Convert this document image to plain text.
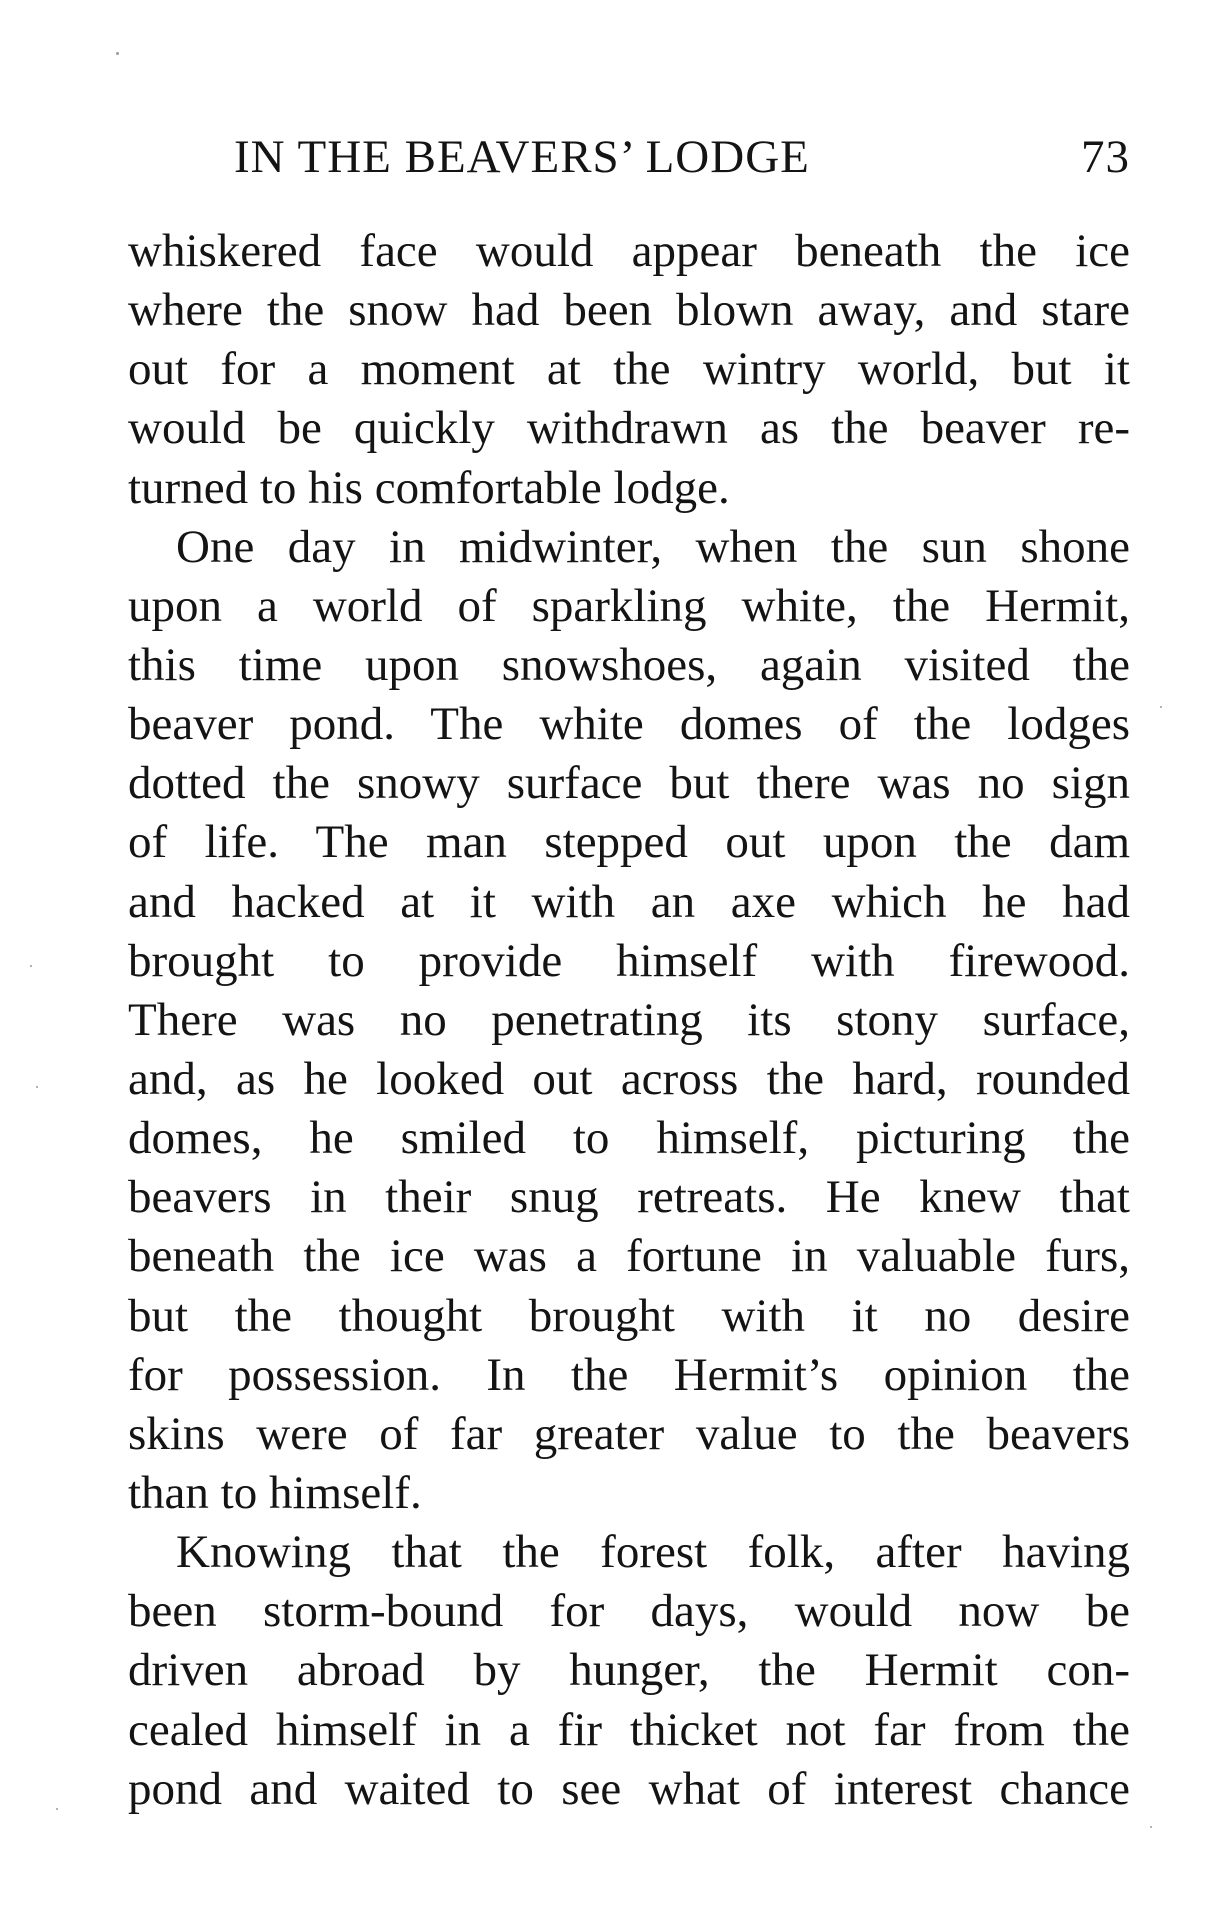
IN THE BEAVERS’ LODGE	73
whiskered face would appear beneath the ice
where the snow had been blown away, and stare
out for a moment at the wintry world, but it
would be quickly withdrawn as the beaver re-
turned to his comfortable lodge.
One day in midwinter, when the sun shone
upon a world of sparkling white, the Hermit,
this time upon snowshoes, again visited the
beaver pond. The white domes of the lodges
dotted the snowy surface but there was no sign
of life. The man stepped out upon the dam
and hacked at it with an axe which he had
brought to provide himself with firewood.
There was no penetrating its stony surface,
and, as he looked out across the hard, rounded
domes, he smiled to himself, picturing the
beavers in their snug retreats. He knew that
beneath the ice was a fortune in valuable furs,
but the thought brought with it no desire
for possession. In the Hermit’s opinion the
skins were of far greater value to the beavers
than to himself.
Knowing that the forest folk, after having
been storm-bound for days, would now be
driven abroad by hunger, the Hermit con-
cealed himself in a fir thicket not far from the
pond and waited to see what of interest chance
